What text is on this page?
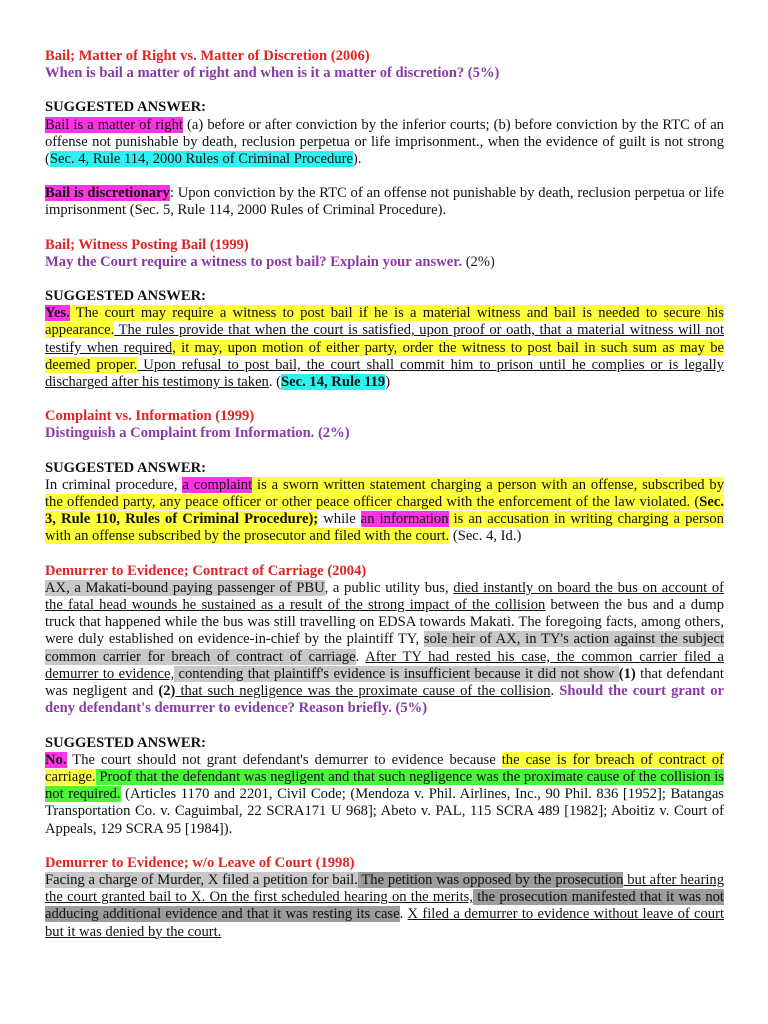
Bail; Matter of Right vs. Matter of Discretion (2006)
When is bail a matter of right and when is it a matter of discretion? (5%)
SUGGESTED ANSWER:

Bail is a matter of right (a) before or after conviction by the inferior courts; (b) before conviction by the RTC of an offense not punishable by death, reclusion perpetua or life imprisonment., when the evidence of guilt is not strong (Sec. 4, Rule 114, 2000 Rules of Criminal Procedure).

Bail is discretionary: Upon conviction by the RTC of an offense not punishable by death, reclusion perpetua or life imprisonment (Sec. 5, Rule 114, 2000 Rules of Criminal Procedure).

Bail; Witness Posting Bail (1999)
May the Court require a witness to post bail? Explain your answer. (2%)
SUGGESTED ANSWER:

Yes. The court may require a witness to post bail if he is a material witness and bail is needed to secure his appearance. The rules provide that when the court is satisfied, upon proof or oath, that a material witness will not testify when required, it may, upon motion of either party, order the witness to post bail in such sum as may be deemed proper. Upon refusal to post bail, the court shall commit him to prison until he complies or is legally discharged after his testimony is taken. (Sec. 14, Rule 119)

Complaint vs. Information (1999)
Distinguish a Complaint from Information. (2%)
SUGGESTED ANSWER:

In criminal procedure, a complaint is a sworn written statement charging a person with an offense, subscribed by the offended party, any peace officer or other peace officer charged with the enforcement of the law violated. (Sec. 3, Rule 110, Rules of Criminal Procedure); while an information is an accusation in writing charging a person with an offense subscribed by the prosecutor and filed with the court. (Sec. 4, Id.)

Demurrer to Evidence; Contract of Carriage (2004)

AX, a Makati-bound paying passenger of PBU, a public utility bus, died instantly on board the bus on account of the fatal head wounds he sustained as a result of the strong impact of the collision between the bus and a dump truck that happened while the bus was still travelling on EDSA towards Makati. The foregoing facts, among others, were duly established on evidence-in-chief by the plaintiff TY, sole heir of AX, in TY's action against the subject common carrier for breach of contract of carriage. After TY had rested his case, the common carrier filed a demurrer to evidence, contending that plaintiff's evidence is insufficient because it did not show (1) that defendant was negligent and (2) that such negligence was the proximate cause of the collision. Should the court grant or deny defendant's demurrer to evidence? Reason briefly. (5%)

SUGGESTED ANSWER:

No. The court should not grant defendant's demurrer to evidence because the case is for breach of contract of carriage. Proof that the defendant was negligent and that such negligence was the proximate cause of the collision is not required. (Articles 1170 and 2201, Civil Code; (Mendoza v. Phil. Airlines, Inc., 90 Phil. 836 [1952]; Batangas Transportation Co. v. Caguimbal, 22 SCRA171 U 968]; Abeto v. PAL, 115 SCRA 489 [1982]; Aboitiz v. Court of Appeals, 129 SCRA 95 [1984]).

Demurrer to Evidence; w/o Leave of Court (1998)

Facing a charge of Murder, X filed a petition for bail. The petition was opposed by the prosecution but after hearing the court granted bail to X. On the first scheduled hearing on the merits, the prosecution manifested that it was not adducing additional evidence and that it was resting its case. X filed a demurrer to evidence without leave of court but it was denied by the court.
